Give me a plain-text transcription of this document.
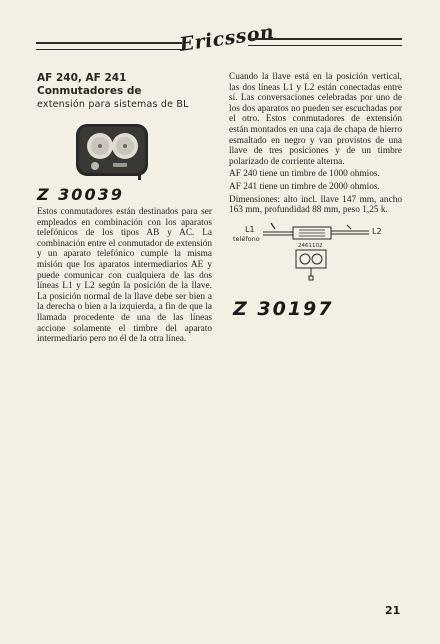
Ericsson
AF 240, AF 241 Conmutadores de
extensión para sistemas de BL
Z 30039

Estos conmutadores están destinados para ser empleados en combinación con los aparatos telefónicos de los tipos AB y AC. La combinación entre el conmutador de extensión y un aparato telefónico cumple la misma misión que los aparatos intermediarios AE y puede comunicar con cualquiera de las dos líneas L1 y L2 según la posición de la llave. La posición normal de la llave debe ser bien a la derecha o bien a la izquierda, a fin de que la llamada procedente de una de las líneas accione solamente el timbre del aparato intermediario pero no él de la otra línea.

Cuando la llave está en la posición vertical, las dos líneas L1 y L2 están conectadas entre sí. Las conversaciones celebradas por uno de los dos aparatos no pueden ser escuchadas por el otro. Estos conmutadores de extensión están montados en una caja de chapa de hierro esmaltado en negro y van provistos de una llave de tres posiciones y de un timbre polarizado de corriente alterna.

AF 240 tiene un timbre de 1000 ohmios.

AF 241 tiene un timbre de 2000 ohmios.

Dimensiones: alto incl. llave 147 mm, ancho 163 mm, profundidad 88 mm, peso 1,25 k.

L1
teléfono
L2
2461102
Z 30197
21
